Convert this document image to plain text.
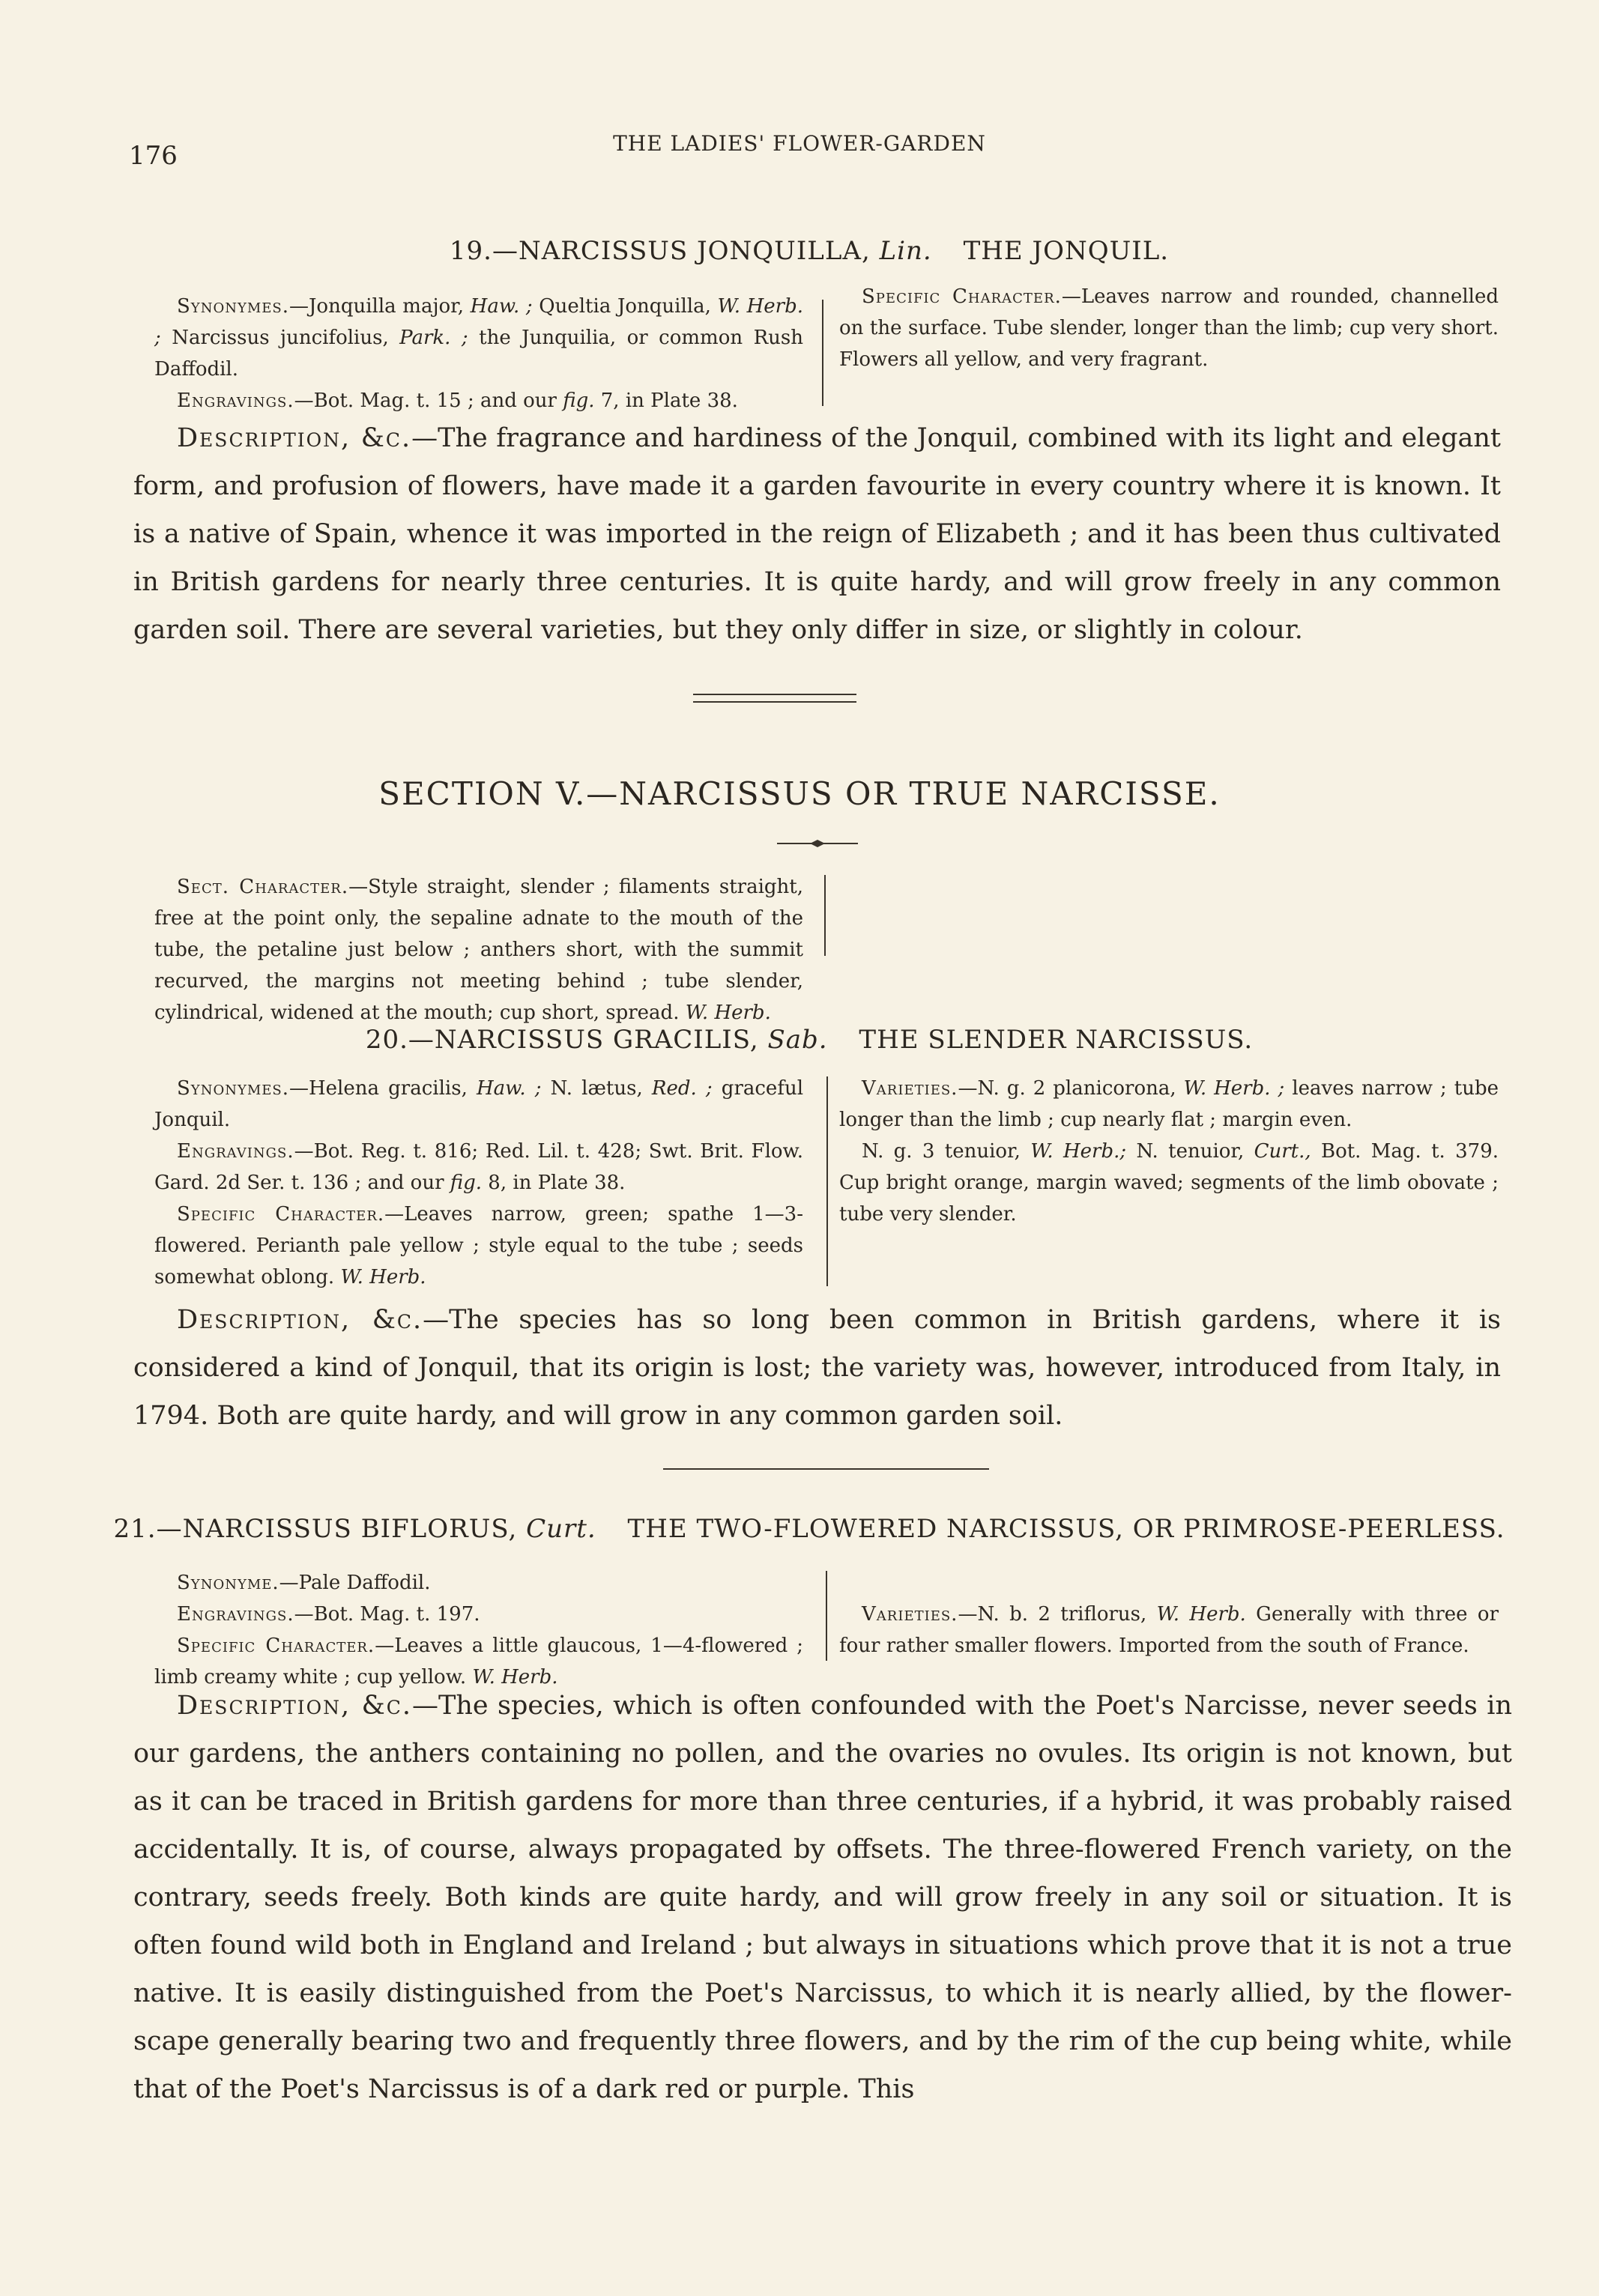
176	THE LADIES' FLOWER-GARDEN
19.—NARCISSUS JONQUILLA, Lin. THE JONQUIL.

Synonymes.—Jonquilla major, Haw. ; Queltia Jonquilla, W. Herb. ; Narcissus juncifolius, Park. ; the Junquilia, or common Rush Daffodil.

Engravings.—Bot. Mag. t. 15 ; and our fig. 7, in Plate 38.

Specific Character.—Leaves narrow and rounded, channelled on the surface. Tube slender, longer than the limb; cup very short. Flowers all yellow, and very fragrant.

Description, &c.—The fragrance and hardiness of the Jonquil, combined with its light and elegant form, and profusion of flowers, have made it a garden favourite in every country where it is known. It is a native of Spain, whence it was imported in the reign of Elizabeth ; and it has been thus cultivated in British gardens for nearly three centuries. It is quite hardy, and will grow freely in any common garden soil. There are several varieties, but they only differ in size, or slightly in colour.

SECTION V.—NARCISSUS OR TRUE NARCISSE.

Sect. Character.—Style straight, slender ; filaments straight, free at the point only, the sepaline adnate to the mouth of the tube, the petaline just below ; anthers short, with the summit recurved, the margins not meeting behind ; tube slender, cylindrical, widened at the mouth; cup short, spread. W. Herb.

20.—NARCISSUS GRACILIS, Sab. THE SLENDER NARCISSUS.

Synonymes.—Helena gracilis, Haw. ; N. lætus, Red. ; graceful Jonquil.

Engravings.—Bot. Reg. t. 816; Red. Lil. t. 428; Swt. Brit. Flow. Gard. 2d Ser. t. 136 ; and our fig. 8, in Plate 38.

Specific Character.—Leaves narrow, green; spathe 1—3-flowered. Perianth pale yellow ; style equal to the tube ; seeds somewhat oblong. W. Herb.

Varieties.—N. g. 2 planicorona, W. Herb. ; leaves narrow ; tube longer than the limb ; cup nearly flat ; margin even.

N. g. 3 tenuior, W. Herb.; N. tenuior, Curt., Bot. Mag. t. 379. Cup bright orange, margin waved; segments of the limb obovate ; tube very slender.

Description, &c.—The species has so long been common in British gardens, where it is considered a kind of Jonquil, that its origin is lost; the variety was, however, introduced from Italy, in 1794. Both are quite hardy, and will grow in any common garden soil.

21.—NARCISSUS BIFLORUS, Curt. THE TWO-FLOWERED NARCISSUS, OR PRIMROSE-PEERLESS.

Synonyme.—Pale Daffodil.

Engravings.—Bot. Mag. t. 197.

Specific Character.—Leaves a little glaucous, 1—4-flowered ; limb creamy white ; cup yellow. W. Herb.

Varieties.—N. b. 2 triflorus, W. Herb. Generally with three or four rather smaller flowers. Imported from the south of France.

Description, &c.—The species, which is often confounded with the Poet's Narcisse, never seeds in our gardens, the anthers containing no pollen, and the ovaries no ovules. Its origin is not known, but as it can be traced in British gardens for more than three centuries, if a hybrid, it was probably raised accidentally. It is, of course, always propagated by offsets. The three-flowered French variety, on the contrary, seeds freely. Both kinds are quite hardy, and will grow freely in any soil or situation. It is often found wild both in England and Ireland ; but always in situations which prove that it is not a true native. It is easily distinguished from the Poet's Narcissus, to which it is nearly allied, by the flower-scape generally bearing two and frequently three flowers, and by the rim of the cup being white, while that of the Poet's Narcissus is of a dark red or purple. This
